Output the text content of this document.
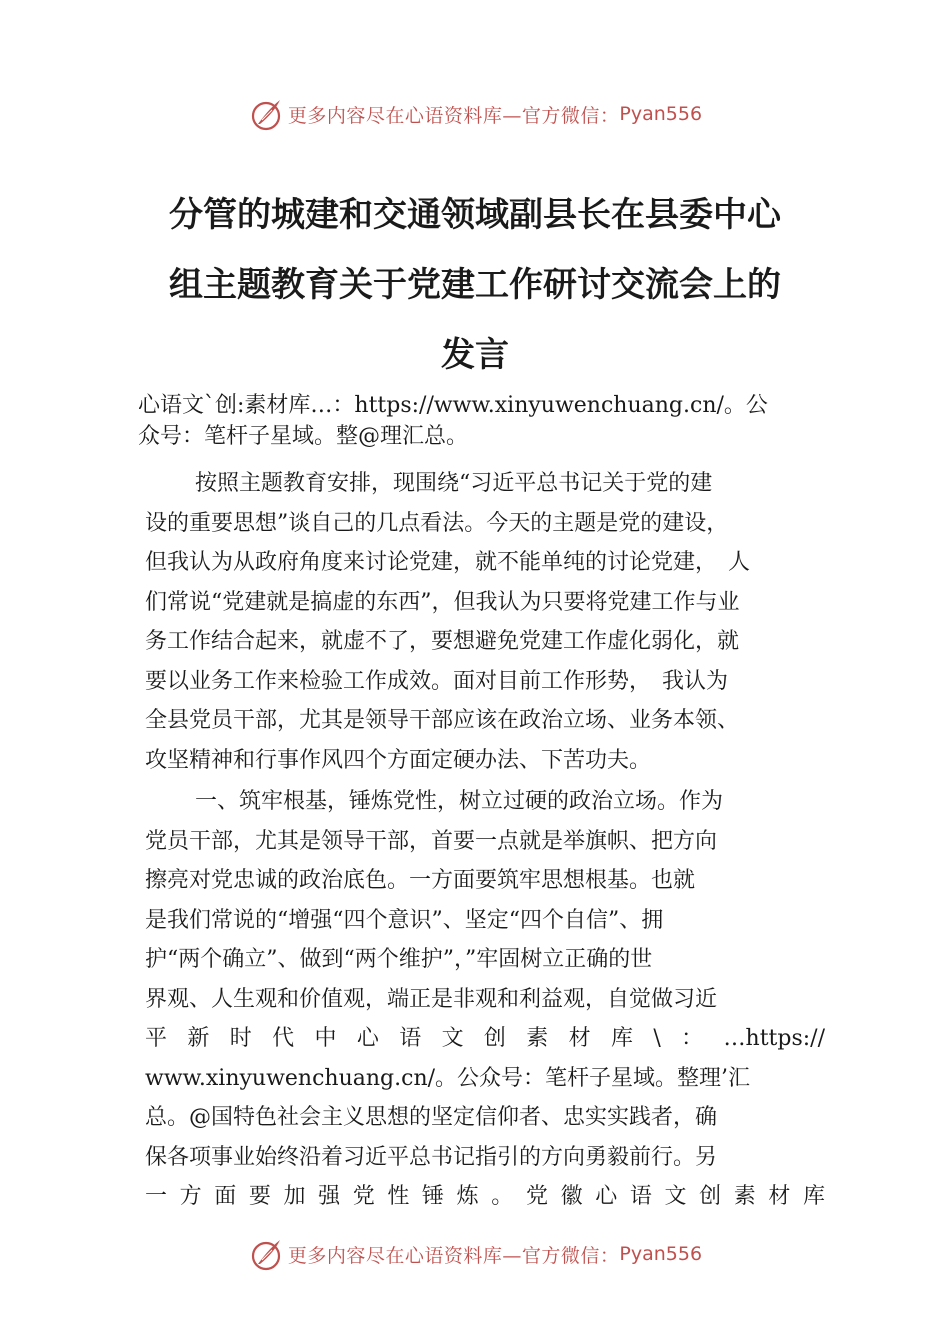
更多内容尽在心语资料库—官方微信： Pyan556
分管的城建和交通领域副县长在县委中心
组主题教育关于党建工作研讨交流会上的
发言
心语文`创:素材库…：https://www.xinyuwenchuang.cn/。公
众号：笔杆子星域。整@理汇总。
按照主题教育安排，现围绕“习近平总书记关于党的建
设的重要思想”谈自己的几点看法。今天的主题是党的建设，
但我认为从政府角度来讨论党建，就不能单纯的讨论党建，　人
们常说“党建就是搞虚的东西”，但我认为只要将党建工作与业
务工作结合起来，就虚不了，要想避免党建工作虚化弱化，就
要以业务工作来检验工作成效。面对目前工作形势，　我认为
全县党员干部，尤其是领导干部应该在政治立场、业务本领、
攻坚精神和行事作风四个方面定硬办法、下苦功夫。
一、筑牢根基，锤炼党性，树立过硬的政治立场。作为
党员干部，尤其是领导干部，首要一点就是举旗帜、把方向
擦亮对党忠诚的政治底色。一方面要筑牢思想根基。也就
是我们常说的“增强“四个意识”、坚定“四个自信”、拥
护“两个确立”、做到“两个维护”，”牢固树立正确的世
界观、人生观和价值观，端正是非观和利益观，自觉做习近
平新时代中心语文创素材库\：…https://
www.xinyuwenchuang.cn/。公众号：笔杆子星域。整理’汇
总。@国特色社会主义思想的坚定信仰者、忠实实践者，确
保各项事业始终沿着习近平总书记指引的方向勇毅前行。另
一方面要加强党性锤炼。党徽心语文创素材库
更多内容尽在心语资料库—官方微信： Pyan556
